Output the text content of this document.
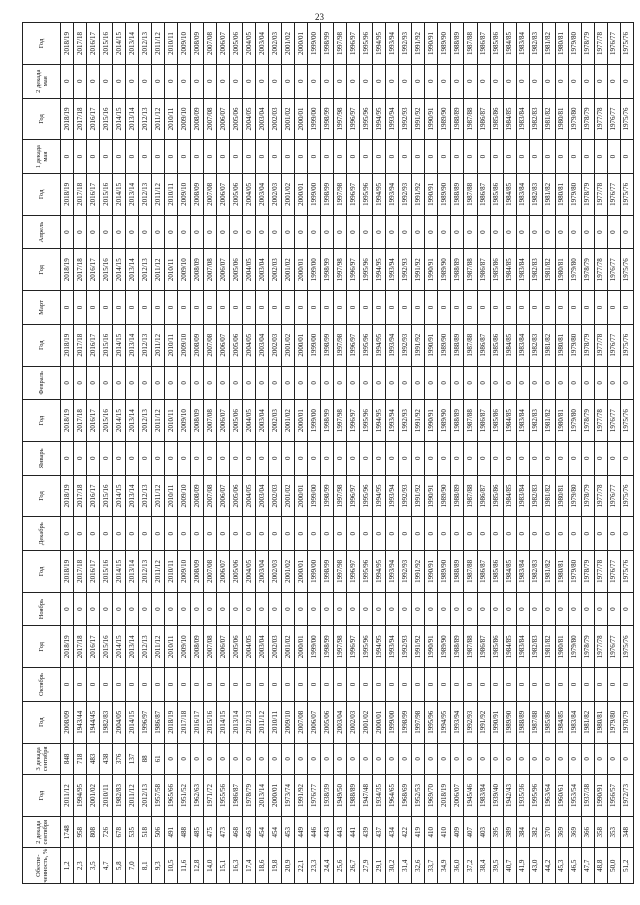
23
Обеспе-ченность, %	2 декада сентября	Год	3 декада сентября	Год	Октябрь	Год	Ноябрь	Год	Декабрь	Год	Январь	Год	Февраль	Год	Март	Год	Апрель	Год	1 декада мая	Год	2 декада мая	Год
1,2	1748	2011/12	848	2008/09	0	2018/19	0	2018/19	0	2018/19	0	2018/19	0	2018/19	0	2018/19	0	2018/19	0	2018/19	0	2018/19
2,3	958	1994/95	718	1943/44	0	2017/18	0	2017/18	0	2017/18	0	2017/18	0	2017/18	0	2017/18	0	2017/18	0	2017/18	0	2017/18
3,5	808	2001/02	483	1944/45	0	2016/17	0	2016/17	0	2016/17	0	2016/17	0	2016/17	0	2016/17	0	2016/17	0	2016/17	0	2016/17
4,7	726	2010/11	438	1982/83	0	2015/16	0	2015/16	0	2015/16	0	2015/16	0	2015/16	0	2015/16	0	2015/16	0	2015/16	0	2015/16
5,8	678	1982/83	376	2004/05	0	2014/15	0	2014/15	0	2014/15	0	2014/15	0	2014/15	0	2014/15	0	2014/15	0	2014/15	0	2014/15
7,0	535	2011/12	137	2014/15	0	2013/14	0	2013/14	0	2013/14	0	2013/14	0	2013/14	0	2013/14	0	2013/14	0	2013/14	0	2013/14
8,1	518	2012/13	88	1996/97	0	2012/13	0	2012/13	0	2012/13	0	2012/13	0	2012/13	0	2012/13	0	2012/13	0	2012/13	0	2012/13
9,3	506	1957/58	61	1986/87	0	2011/12	0	2011/12	0	2011/12	0	2011/12	0	2011/12	0	2011/12	0	2011/12	0	2011/12	0	2011/12
10,5	491	1965/66	0	2018/19	0	2010/11	0	2010/11	0	2010/11	0	2010/11	0	2010/11	0	2010/11	0	2010/11	0	2010/11	0	2010/11
11,6	488	1951/52	0	2017/18	0	2009/10	0	2009/10	0	2009/10	0	2009/10	0	2009/10	0	2009/10	0	2009/10	0	2009/10	0	2009/10
12,8	485	1962/63	0	2016/17	0	2008/09	0	2008/09	0	2008/09	0	2008/09	0	2008/09	0	2008/09	0	2008/09	0	2008/09	0	2008/09
14,0	475	1971/72	0	2015/16	0	2007/08	0	2007/08	0	2007/08	0	2007/08	0	2007/08	0	2007/08	0	2007/08	0	2007/08	0	2007/08
15,1	473	1955/56	0	2014/15	0	2006/07	0	2006/07	0	2006/07	0	2006/07	0	2006/07	0	2006/07	0	2006/07	0	2006/07	0	2006/07
16,3	468	1986/87	0	2013/14	0	2005/06	0	2005/06	0	2005/06	0	2005/06	0	2005/06	0	2005/06	0	2005/06	0	2005/06	0	2005/06
17,4	463	1978/79	0	2012/13	0	2004/05	0	2004/05	0	2004/05	0	2004/05	0	2004/05	0	2004/05	0	2004/05	0	2004/05	0	2004/05
18,6	454	2013/14	0	2011/12	0	2003/04	0	2003/04	0	2003/04	0	2003/04	0	2003/04	0	2003/04	0	2003/04	0	2003/04	0	2003/04
19,8	454	2000/01	0	2010/11	0	2002/03	0	2002/03	0	2002/03	0	2002/03	0	2002/03	0	2002/03	0	2002/03	0	2002/03	0	2002/03
20,9	453	1973/74	0	2009/10	0	2001/02	0	2001/02	0	2001/02	0	2001/02	0	2001/02	0	2001/02	0	2001/02	0	2001/02	0	2001/02
22,1	449	1991/92	0	2007/08	0	2000/01	0	2000/01	0	2000/01	0	2000/01	0	2000/01	0	2000/01	0	2000/01	0	2000/01	0	2000/01
23,3	446	1976/77	0	2006/07	0	1999/00	0	1999/00	0	1999/00	0	1999/00	0	1999/00	0	1999/00	0	1999/00	0	1999/00	0	1999/00
24,4	443	1938/39	0	2005/06	0	1998/99	0	1998/99	0	1998/99	0	1998/99	0	1998/99	0	1998/99	0	1998/99	0	1998/99	0	1998/99
25,6	443	1949/50	0	2003/04	0	1997/98	0	1997/98	0	1997/98	0	1997/98	0	1997/98	0	1997/98	0	1997/98	0	1997/98	0	1997/98
26,7	441	1988/89	0	2002/03	0	1996/97	0	1996/97	0	1996/97	0	1996/97	0	1996/97	0	1996/97	0	1996/97	0	1996/97	0	1996/97
27,9	439	1947/48	0	2001/02	0	1995/96	0	1995/96	0	1995/96	0	1995/96	0	1995/96	0	1995/96	0	1995/96	0	1995/96	0	1995/96
29,1	437	1934/35	0	2000/01	0	1994/95	0	1994/95	0	1994/95	0	1994/95	0	1994/95	0	1994/95	0	1994/95	0	1994/95	0	1994/95
30,2	434	1964/65	0	1999/00	0	1993/94	0	1993/94	0	1993/94	0	1993/94	0	1993/94	0	1993/94	0	1993/94	0	1993/94	0	1993/94
31,4	422	1968/69	0	1998/99	0	1992/93	0	1992/93	0	1992/93	0	1992/93	0	1992/93	0	1992/93	0	1992/93	0	1992/93	0	1992/93
32,6	419	1952/53	0	1997/98	0	1991/92	0	1991/92	0	1991/92	0	1991/92	0	1991/92	0	1991/92	0	1991/92	0	1991/92	0	1991/92
33,7	410	1969/70	0	1995/96	0	1990/91	0	1990/91	0	1990/91	0	1990/91	0	1990/91	0	1990/91	0	1990/91	0	1990/91	0	1990/91
34,9	410	2018/19	0	1994/95	0	1989/90	0	1989/90	0	1989/90	0	1989/90	0	1989/90	0	1989/90	0	1989/90	0	1989/90	0	1989/90
36,0	409	2006/07	0	1993/94	0	1988/89	0	1988/89	0	1988/89	0	1988/89	0	1988/89	0	1988/89	0	1988/89	0	1988/89	0	1988/89
37,2	407	1945/46	0	1992/93	0	1987/88	0	1987/88	0	1987/88	0	1987/88	0	1987/88	0	1987/88	0	1987/88	0	1987/88	0	1987/88
38,4	403	1983/84	0	1991/92	0	1986/87	0	1986/87	0	1986/87	0	1986/87	0	1986/87	0	1986/87	0	1986/87	0	1986/87	0	1986/87
39,5	395	1939/40	0	1990/91	0	1985/86	0	1985/86	0	1985/86	0	1985/86	0	1985/86	0	1985/86	0	1985/86	0	1985/86	0	1985/86
40,7	389	1942/43	0	1989/90	0	1984/85	0	1984/85	0	1984/85	0	1984/85	0	1984/85	0	1984/85	0	1984/85	0	1984/85	0	1984/85
41,9	384	1935/36	0	1988/89	0	1983/84	0	1983/84	0	1983/84	0	1983/84	0	1983/84	0	1983/84	0	1983/84	0	1983/84	0	1983/84
43,0	382	1995/96	0	1987/88	0	1982/83	0	1982/83	0	1982/83	0	1982/83	0	1982/83	0	1982/83	0	1982/83	0	1982/83	0	1982/83
44,2	370	1963/64	0	1985/86	0	1981/82	0	1981/82	0	1981/82	0	1981/82	0	1981/82	0	1981/82	0	1981/82	0	1981/82	0	1981/82
45,3	369	1960/61	0	1984/85	0	1980/81	0	1980/81	0	1980/81	0	1980/81	0	1980/81	0	1980/81	0	1980/81	0	1980/81	0	1980/81
46,5	369	1953/54	0	1983/84	0	1979/80	0	1979/80	0	1979/80	0	1979/80	0	1979/80	0	1979/80	0	1979/80	0	1979/80	0	1979/80
47,7	366	1937/38	0	1981/82	0	1978/79	0	1978/79	0	1978/79	0	1978/79	0	1978/79	0	1978/79	0	1978/79	0	1978/79	0	1978/79
48,8	358	1990/91	0	1980/81	0	1977/78	0	1977/78	0	1977/78	0	1977/78	0	1977/78	0	1977/78	0	1977/78	0	1977/78	0	1977/78
50,0	353	1956/57	0	1979/80	0	1976/77	0	1976/77	0	1976/77	0	1976/77	0	1976/77	0	1976/77	0	1976/77	0	1976/77	0	1976/77
51,2	348	1972/73	0	1978/79	0	1975/76	0	1975/76	0	1975/76	0	1975/76	0	1975/76	0	1975/76	0	1975/76	0	1975/76	0	1975/76
